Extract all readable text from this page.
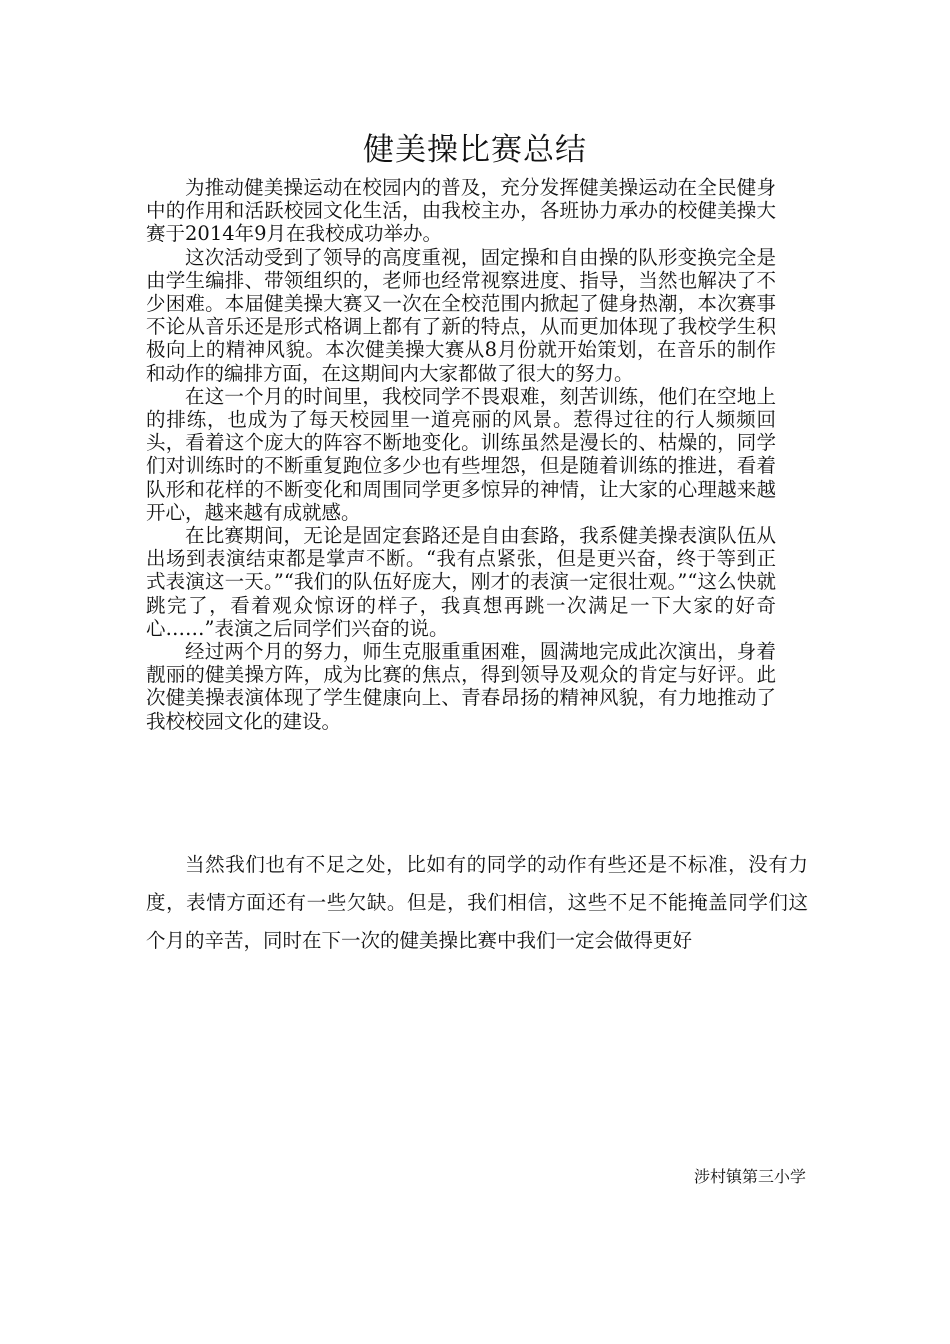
健美操比赛总结

为推动健美操运动在校园内的普及，充分发挥健美操运动在全民健身中的作用和活跃校园文化生活，由我校主办，各班协力承办的校健美操大赛于2014年9月在我校成功举办。

这次活动受到了领导的高度重视，固定操和自由操的队形变换完全是由学生编排、带领组织的，老师也经常视察进度、指导，当然也解决了不少困难。本届健美操大赛又一次在全校范围内掀起了健身热潮，本次赛事不论从音乐还是形式格调上都有了新的特点，从而更加体现了我校学生积极向上的精神风貌。本次健美操大赛从8月份就开始策划，在音乐的制作和动作的编排方面，在这期间内大家都做了很大的努力。

在这一个月的时间里，我校同学不畏艰难，刻苦训练，他们在空地上的排练，也成为了每天校园里一道亮丽的风景。惹得过往的行人频频回头，看着这个庞大的阵容不断地变化。训练虽然是漫长的、枯燥的，同学们对训练时的不断重复跑位多少也有些埋怨，但是随着训练的推进，看着队形和花样的不断变化和周围同学更多惊异的神情，让大家的心理越来越开心，越来越有成就感。

在比赛期间，无论是固定套路还是自由套路，我系健美操表演队伍从出场到表演结束都是掌声不断。“我有点紧张，但是更兴奋，终于等到正式表演这一天。”“我们的队伍好庞大，刚才的表演一定很壮观。”“这么快就跳完了，看着观众惊讶的样子，我真想再跳一次满足一下大家的好奇心……”表演之后同学们兴奋的说。

经过两个月的努力，师生克服重重困难，圆满地完成此次演出，身着靓丽的健美操方阵，成为比赛的焦点，得到领导及观众的肯定与好评。此次健美操表演体现了学生健康向上、青春昂扬的精神风貌，有力地推动了我校校园文化的建设。

当然我们也有不足之处，比如有的同学的动作有些还是不标准，没有力度，表情方面还有一些欠缺。但是，我们相信，这些不足不能掩盖同学们这个月的辛苦，同时在下一次的健美操比赛中我们一定会做得更好

涉村镇第三小学
